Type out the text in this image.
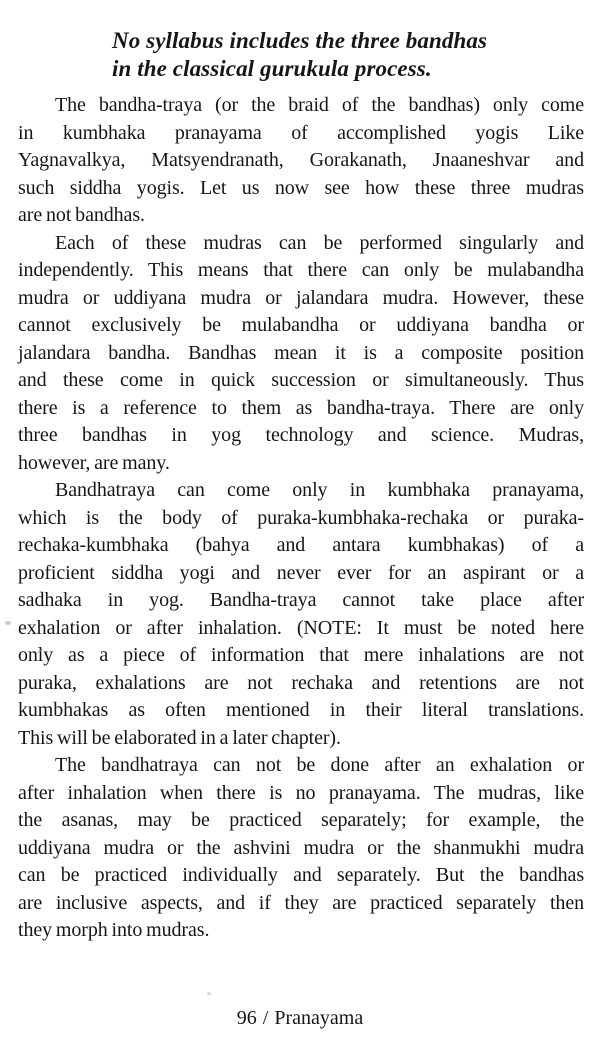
No syllabus includes the three bandhas
in the classical gurukula process.

The bandha-traya (or the braid of the bandhas) only come
in kumbhaka pranayama of accomplished yogis Like
Yagnavalkya, Matsyendranath, Gorakanath, Jnaaneshvar and
such siddha yogis. Let us now see how these three mudras
are not bandhas.

Each of these mudras can be performed singularly and
independently. This means that there can only be mulabandha
mudra or uddiyana mudra or jalandara mudra. However, these
cannot exclusively be mulabandha or uddiyana bandha or
jalandara bandha. Bandhas mean it is a composite position
and these come in quick succession or simultaneously. Thus
there is a reference to them as bandha-traya. There are only
three bandhas in yog technology and science. Mudras,
however, are many.

Bandhatraya can come only in kumbhaka pranayama,
which is the body of puraka-kumbhaka-rechaka or puraka-
rechaka-kumbhaka (bahya and antara kumbhakas) of a
proficient siddha yogi and never ever for an aspirant or a
sadhaka in yog. Bandha-traya cannot take place after
exhalation or after inhalation. (NOTE: It must be noted here
only as a piece of information that mere inhalations are not
puraka, exhalations are not rechaka and retentions are not
kumbhakas as often mentioned in their literal translations.
This will be elaborated in a later chapter).

The bandhatraya can not be done after an exhalation or
after inhalation when there is no pranayama. The mudras, like
the asanas, may be practiced separately; for example, the
uddiyana mudra or the ashvini mudra or the shanmukhi mudra
can be practiced individually and separately. But the bandhas
are inclusive aspects, and if they are practiced separately then
they morph into mudras.

96 / Pranayama
